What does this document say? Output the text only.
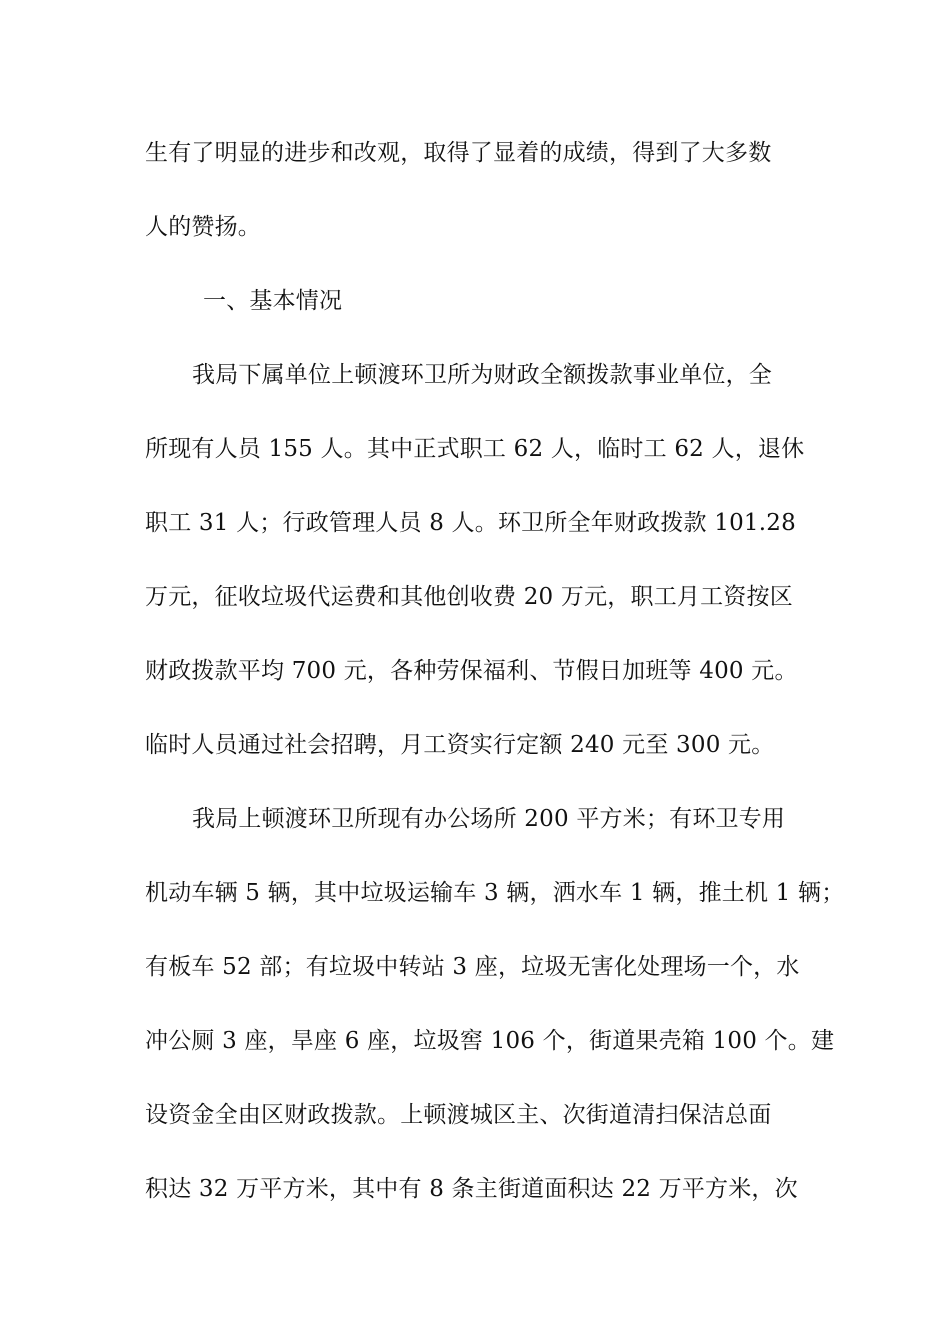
生有了明显的进步和改观，取得了显着的成绩，得到了大多数
人的赞扬。
一、基本情况
我局下属单位上顿渡环卫所为财政全额拨款事业单位，全
所现有人员 155 人。其中正式职工 62 人，临时工 62 人，退休
职工 31 人；行政管理人员 8 人。环卫所全年财政拨款 101.28
万元，征收垃圾代运费和其他创收费 20 万元，职工月工资按区
财政拨款平均 700 元，各种劳保福利、节假日加班等 400 元。
临时人员通过社会招聘，月工资实行定额 240 元至 300 元。
我局上顿渡环卫所现有办公场所 200 平方米；有环卫专用
机动车辆 5 辆，其中垃圾运输车 3 辆，洒水车 1 辆，推土机 1 辆；
有板车 52 部；有垃圾中转站 3 座，垃圾无害化处理场一个，水
冲公厕 3 座，旱座 6 座，垃圾窖 106 个，街道果壳箱 100 个。建
设资金全由区财政拨款。上顿渡城区主、次街道清扫保洁总面
积达 32 万平方米，其中有 8 条主街道面积达 22 万平方米，次
